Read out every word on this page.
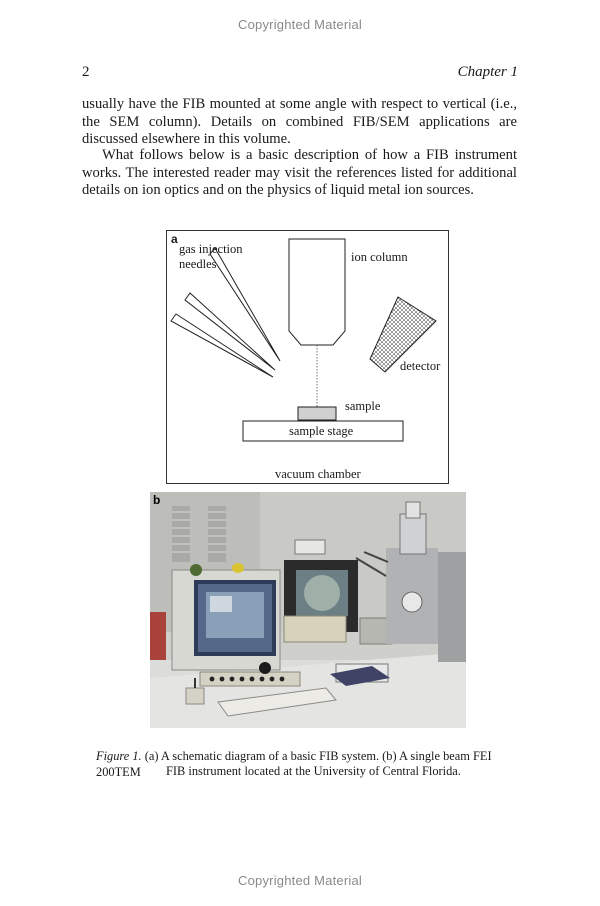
Copyrighted Material
2	Chapter 1

usually have the FIB mounted at some angle with respect to vertical (i.e., the SEM column). Details on combined FIB/SEM applications are discussed elsewhere in this volume.

What follows below is a basic description of how a FIB instrument works. The interested reader may visit the references listed for additional details on ion optics and on the physics of liquid metal ion sources.

a
gas injection
needles	ion column
detector
sample
sample stage
vacuum chamber
b
Figure 1. (a) A schematic diagram of a basic FIB system. (b) A single beam FEI 200TEM	FIB instrument located at the University of Central Florida.
Copyrighted Material
